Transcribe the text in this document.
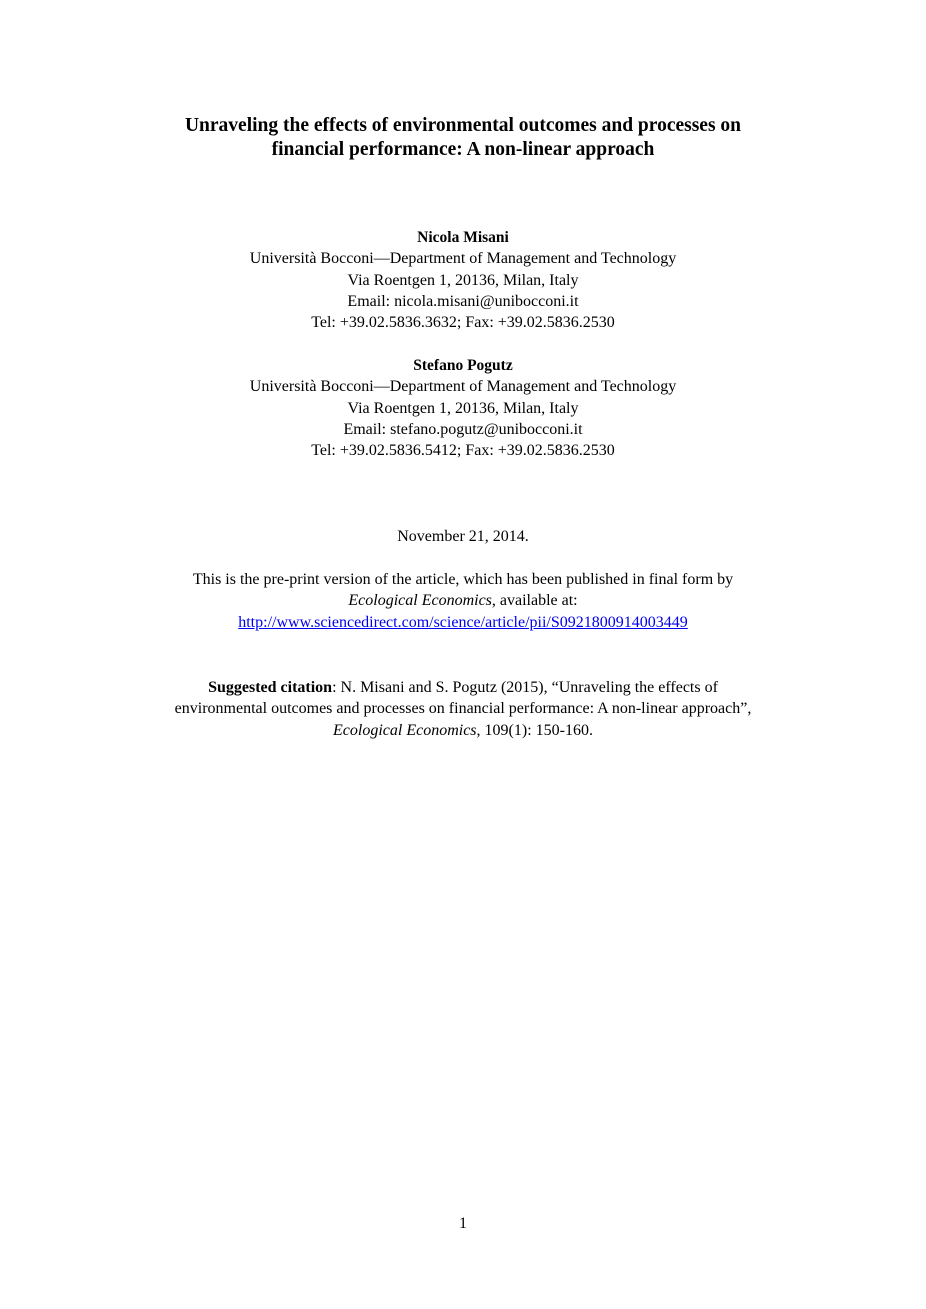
Unraveling the effects of environmental outcomes and processes on
financial performance: A non-linear approach
Nicola Misani
Università Bocconi—Department of Management and Technology
Via Roentgen 1, 20136, Milan, Italy
Email: nicola.misani@unibocconi.it
Tel: +39.02.5836.3632; Fax: +39.02.5836.2530
Stefano Pogutz
Università Bocconi—Department of Management and Technology
Via Roentgen 1, 20136, Milan, Italy
Email: stefano.pogutz@unibocconi.it
Tel: +39.02.5836.5412; Fax: +39.02.5836.2530
November 21, 2014.
This is the pre-print version of the article, which has been published in final form by
Ecological Economics, available at:
http://www.sciencedirect.com/science/article/pii/S0921800914003449
Suggested citation: N. Misani and S. Pogutz (2015), “Unraveling the effects of
environmental outcomes and processes on financial performance: A non-linear approach”,
Ecological Economics, 109(1): 150-160.
1
